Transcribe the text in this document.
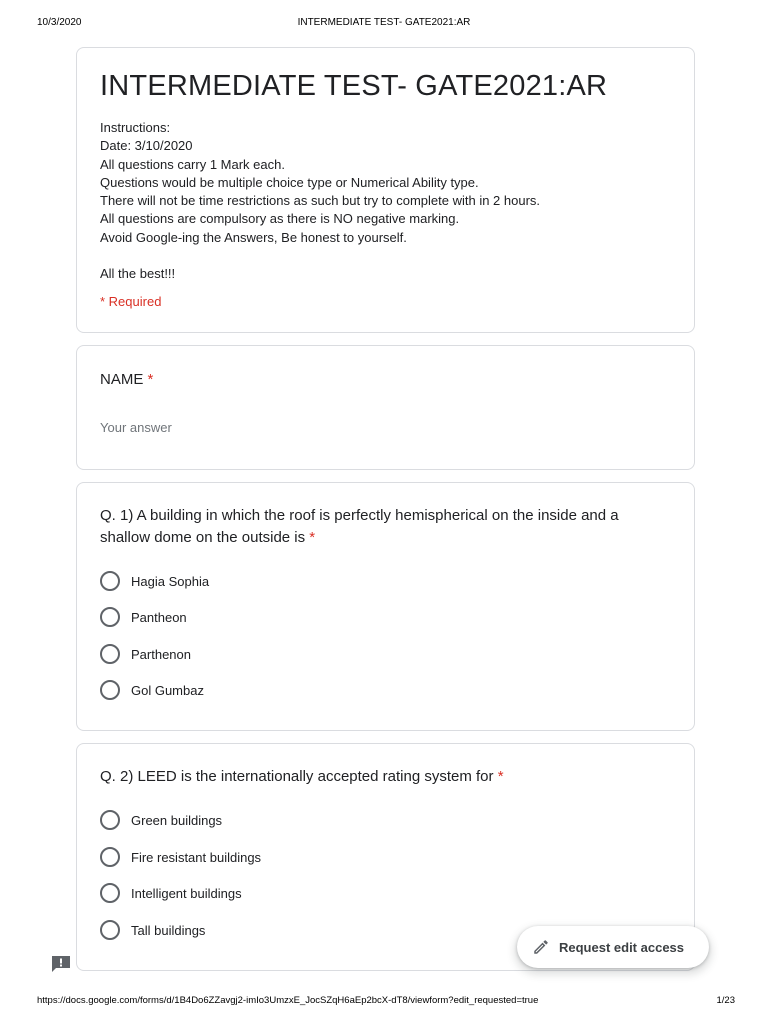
10/3/2020	INTERMEDIATE TEST- GATE2021:AR
INTERMEDIATE TEST- GATE2021:AR
Instructions:
Date: 3/10/2020
All questions carry 1 Mark each.
Questions would be multiple choice type or Numerical Ability type.
There will not be time restrictions as such but try to complete with in 2 hours.
All questions are compulsory as there is NO negative marking.
Avoid Google-ing the Answers, Be honest to yourself.

All the best!!!
* Required
NAME *
Your answer
Q. 1) A building in which the roof is perfectly hemispherical on the inside and a shallow dome on the outside is *
Hagia Sophia
Pantheon
Parthenon
Gol Gumbaz
Q. 2) LEED is the internationally accepted rating system for *
Green buildings
Fire resistant buildings
Intelligent buildings
Tall buildings
Request edit access
https://docs.google.com/forms/d/1B4Do6ZZavgj2-imIo3UmzxE_JocSZqH6aEp2bcX-dT8/viewform?edit_requested=true	1/23
